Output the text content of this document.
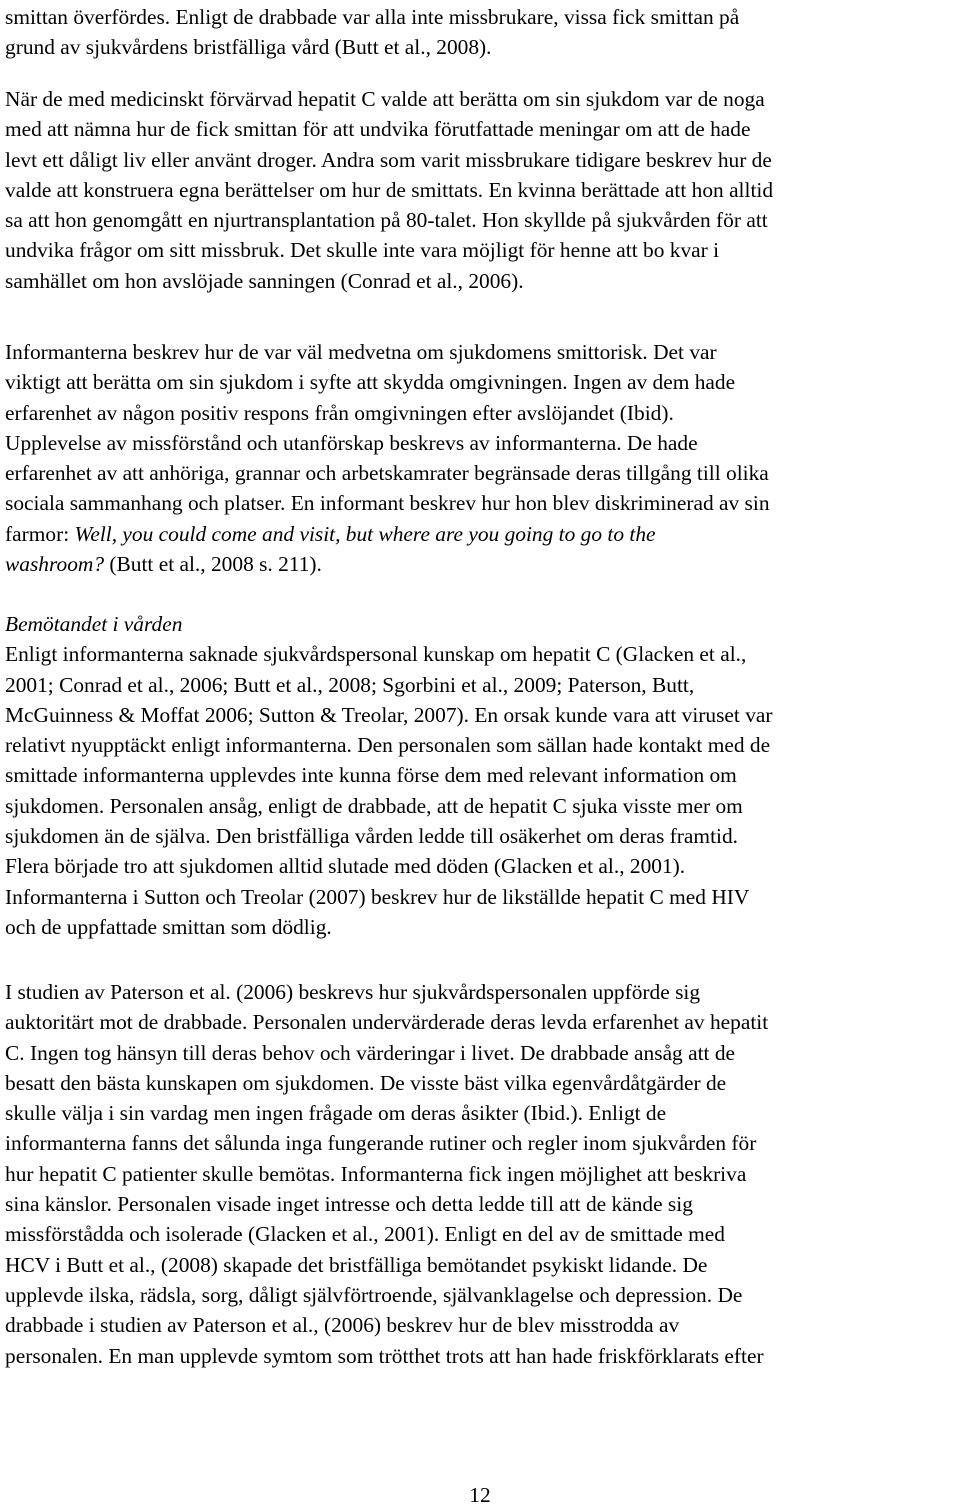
smittan överfördes. Enligt de drabbade var alla inte missbrukare, vissa fick smittan på
grund av sjukvårdens bristfälliga vård (Butt et al., 2008).
När de med medicinskt förvärvad hepatit C valde att berätta om sin sjukdom var de noga
med att nämna hur de fick smittan för att undvika förutfattade meningar om att de hade
levt ett dåligt liv eller använt droger. Andra som varit missbrukare tidigare beskrev hur de
valde att konstruera egna berättelser om hur de smittats. En kvinna berättade att hon alltid
sa att hon genomgått en njurtransplantation på 80-talet. Hon skyllde på sjukvården för att
undvika frågor om sitt missbruk. Det skulle inte vara möjligt för henne att bo kvar i
samhället om hon avslöjade sanningen (Conrad et al., 2006).
Informanterna beskrev hur de var väl medvetna om sjukdomens smittorisk. Det var
viktigt att berätta om sin sjukdom i syfte att skydda omgivningen. Ingen av dem hade
erfarenhet av någon positiv respons från omgivningen efter avslöjandet (Ibid).
Upplevelse av missförstånd och utanförskap beskrevs av informanterna. De hade
erfarenhet av att anhöriga, grannar och arbetskamrater begränsade deras tillgång till olika
sociala sammanhang och platser. En informant beskrev hur hon blev diskriminerad av sin
farmor: Well, you could come and visit, but where are you going to go to the
washroom? (Butt et al., 2008 s. 211).
Bemötandet i vården
Enligt informanterna saknade sjukvårdspersonal kunskap om hepatit C (Glacken et al.,
2001; Conrad et al., 2006; Butt et al., 2008; Sgorbini et al., 2009; Paterson, Butt,
McGuinness & Moffat 2006; Sutton & Treolar, 2007). En orsak kunde vara att viruset var
relativt nyupptäckt enligt informanterna. Den personalen som sällan hade kontakt med de
smittade informanterna upplevdes inte kunna förse dem med relevant information om
sjukdomen. Personalen ansåg, enligt de drabbade, att de hepatit C sjuka visste mer om
sjukdomen än de själva. Den bristfälliga vården ledde till osäkerhet om deras framtid.
Flera började tro att sjukdomen alltid slutade med döden (Glacken et al., 2001).
Informanterna i Sutton och Treolar (2007) beskrev hur de likställde hepatit C med HIV
och de uppfattade smittan som dödlig.
I studien av Paterson et al. (2006) beskrevs hur sjukvårdspersonalen uppförde sig
auktoritärt mot de drabbade. Personalen undervärderade deras levda erfarenhet av hepatit
C. Ingen tog hänsyn till deras behov och värderingar i livet. De drabbade ansåg att de
besatt den bästa kunskapen om sjukdomen. De visste bäst vilka egenvårdåtgärder de
skulle välja i sin vardag men ingen frågade om deras åsikter (Ibid.). Enligt de
informanterna fanns det sålunda inga fungerande rutiner och regler inom sjukvården för
hur hepatit C patienter skulle bemötas. Informanterna fick ingen möjlighet att beskriva
sina känslor. Personalen visade inget intresse och detta ledde till att de kände sig
missförstådda och isolerade (Glacken et al., 2001). Enligt en del av de smittade med
HCV i Butt et al., (2008) skapade det bristfälliga bemötandet psykiskt lidande. De
upplevde ilska, rädsla, sorg, dåligt självförtroende, självanklagelse och depression. De
drabbade i studien av Paterson et al., (2006) beskrev hur de blev misstrodda av
personalen. En man upplevde symtom som trötthet trots att han hade friskförklarats efter
12
